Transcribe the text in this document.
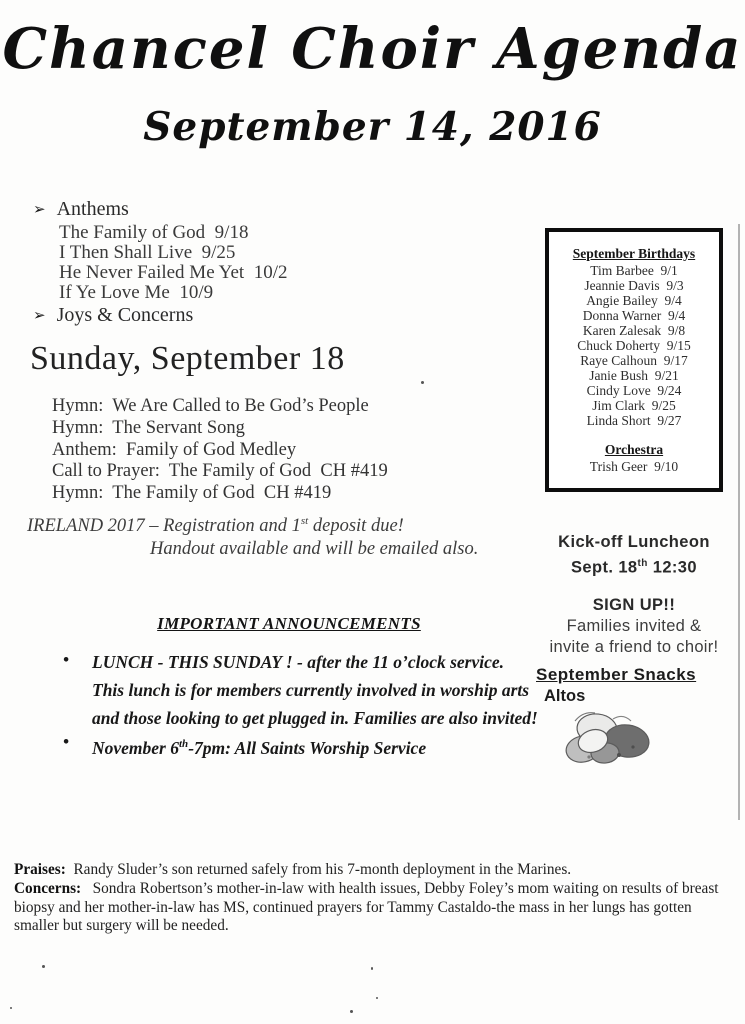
Chancel Choir Agenda
September 14, 2016
➢ Anthems
The Family of God  9/18
I Then Shall Live  9/25
He Never Failed Me Yet  10/2
If Ye Love Me  10/9
➢ Joys & Concerns
Sunday, September 18
Hymn:  We Are Called to Be God’s People
Hymn:  The Servant Song
Anthem:  Family of God Medley
Call to Prayer:  The Family of God  CH #419
Hymn:  The Family of God  CH #419
IRELAND 2017 – Registration and 1st deposit due!
Handout available and will be emailed also.
IMPORTANT ANNOUNCEMENTS
•	LUNCH - THIS SUNDAY ! - after the 11 o’clock service.
This lunch is for members currently involved in worship arts
and those looking to get plugged in. Families are also invited!
•	November 6th-7pm: All Saints Worship Service
September Birthdays
Tim Barbee  9/1
Jeannie Davis  9/3
Angie Bailey  9/4
Donna Warner  9/4
Karen Zalesak  9/8
Chuck Doherty  9/15
Raye Calhoun  9/17
Janie Bush  9/21
Cindy Love  9/24
Jim Clark  9/25
Linda Short  9/27
Orchestra
Trish Geer  9/10
Kick-off Luncheon
Sept. 18th 12:30
SIGN UP!!
Families invited &
invite a friend to choir!
September Snacks
Altos
Praises:  Randy Sluder’s son returned safely from his 7-month deployment in the Marines.
Concerns:   Sondra Robertson’s mother-in-law with health issues, Debby Foley’s mom waiting on results of breast biopsy and her mother-in-law has MS, continued prayers for Tammy Castaldo-the mass in her lungs has gotten smaller but surgery will be needed.
